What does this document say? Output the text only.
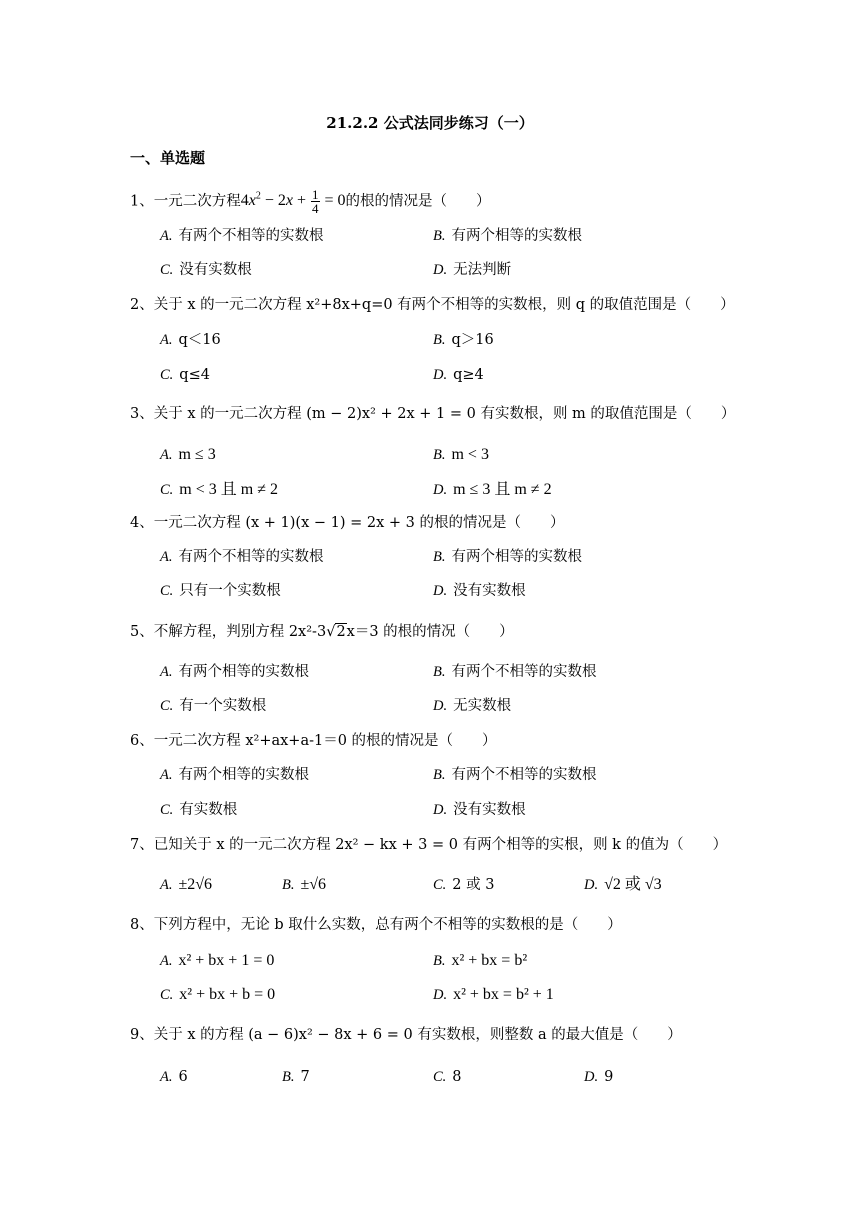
21.2.2 公式法同步练习（一）
一、单选题
1、一元二次方程$4x^2 - 2x + \frac{1}{4} = 0$的根的情况是（　　）
A. 有两个不相等的实数根	B. 有两个相等的实数根
C. 没有实数根	D. 无法判断
2、关于 x 的一元二次方程 x²+8x+q=0 有两个不相等的实数根，则 q 的取值范围是（　　）
A. q＜16	B. q＞16
C. q≤4	D. q≥4
3、关于 x 的一元二次方程 (m − 2)x² + 2x + 1 = 0 有实数根，则 m 的取值范围是（　　）
A. m ≤ 3	B. m < 3
C. m < 3 且 m ≠ 2	D. m ≤ 3 且 m ≠ 2
4、一元二次方程 (x + 1)(x − 1) = 2x + 3 的根的情况是（　　）
A. 有两个不相等的实数根	B. 有两个相等的实数根
C. 只有一个实数根	D. 没有实数根
5、不解方程，判别方程 2x²-3√2x＝3 的根的情况（　　）
A. 有两个相等的实数根	B. 有两个不相等的实数根
C. 有一个实数根	D. 无实数根
6、一元二次方程 x²+ax+a-1＝0 的根的情况是（　　）
A. 有两个相等的实数根	B. 有两个不相等的实数根
C. 有实数根	D. 没有实数根
7、已知关于 x 的一元二次方程 2x² − kx + 3 = 0 有两个相等的实根，则 k 的值为（　　）
A. ±2√6	B. ±√6	C. 2 或 3	D. √2 或 √3
8、下列方程中，无论 b 取什么实数，总有两个不相等的实数根的是（　　）
A. x² + bx + 1 = 0	B. x² + bx = b²
C. x² + bx + b = 0	D. x² + bx = b² + 1
9、关于 x 的方程 (a − 6)x² − 8x + 6 = 0 有实数根，则整数 a 的最大值是（　　）
A. 6	B. 7	C. 8	D. 9
